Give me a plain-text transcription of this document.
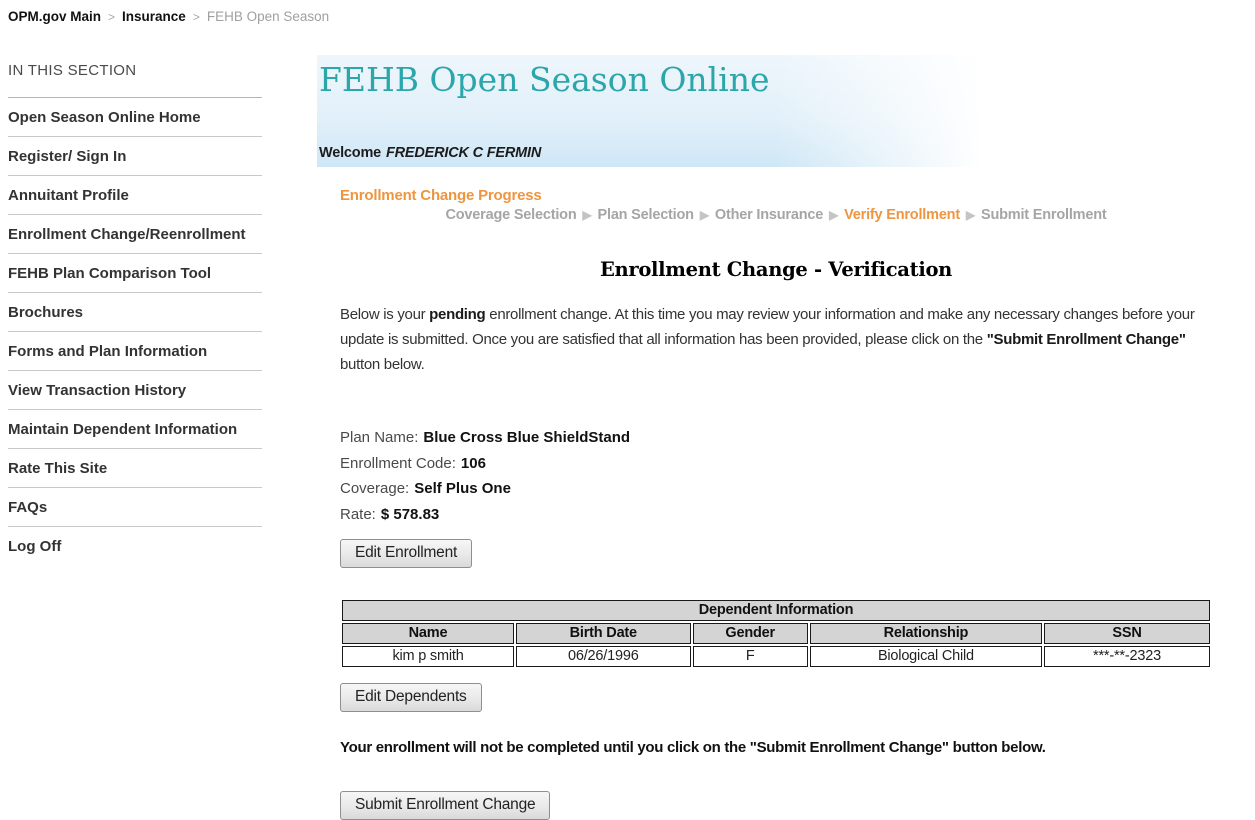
OPM.gov Main > Insurance > FEHB Open Season
IN THIS SECTION
Open Season Online Home
Register/ Sign In
Annuitant Profile
Enrollment Change/Reenrollment
FEHB Plan Comparison Tool
Brochures
Forms and Plan Information
View Transaction History
Maintain Dependent Information
Rate This Site
FAQs
Log Off
FEHB Open Season Online
Welcome FREDERICK C FERMIN
Enrollment Change Progress
Coverage Selection ▶ Plan Selection ▶ Other Insurance ▶ Verify Enrollment ▶ Submit Enrollment
Enrollment Change - Verification

Below is your pending enrollment change. At this time you may review your information and make any necessary changes before your update is submitted. Once you are satisfied that all information has been provided, please click on the "Submit Enrollment Change" button below.

Plan Name: Blue Cross Blue ShieldStand
Enrollment Code: 106
Coverage: Self Plus One
Rate: $ 578.83
Edit Enrollment
Dependent Information				
Name	Birth Date	Gender	Relationship	SSN
kim p smith	06/26/1996	F	Biological Child	***-**-2323
Edit Dependents

Your enrollment will not be completed until you click on the "Submit Enrollment Change" button below.

Submit Enrollment Change
